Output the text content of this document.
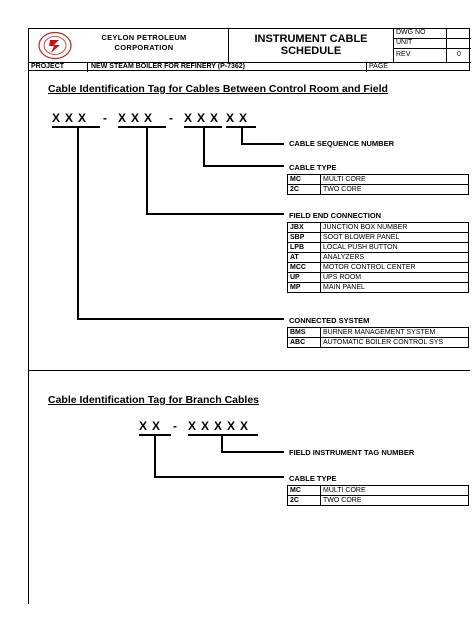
CEYLON PETROLEUM
CORPORATION
INSTRUMENT CABLE
SCHEDULE
DWG NO
UNIT
REV	0
PROJECT	NEW STEAM BOILER FOR REFINERY (P-7362)	PAGE
Cable Identification Tag for Cables Between Control Room and Field
XXX - XXX - XXX XX
CABLE SEQUENCE NUMBER
CABLE TYPE
MC	MULTI CORE
2C	TWO CORE
FIELD END CONNECTION
JBX	JUNCTION BOX NUMBER
SBP	SOOT BLOWER PANEL
LPB	LOCAL PUSH BUTTON
AT	ANALYZERS
MCC	MOTOR CONTROL CENTER
UP	UPS ROOM
MP	MAIN PANEL
CONNECTED SYSTEM
BMS	BURNER MANAGEMENT SYSTEM
ABC	AUTOMATIC BOILER CONTROL SYS
Cable Identification Tag for Branch Cables
XX - XXXXX
FIELD INSTRUMENT TAG NUMBER
CABLE TYPE
MC	MULTI CORE
2C	TWO CORE
